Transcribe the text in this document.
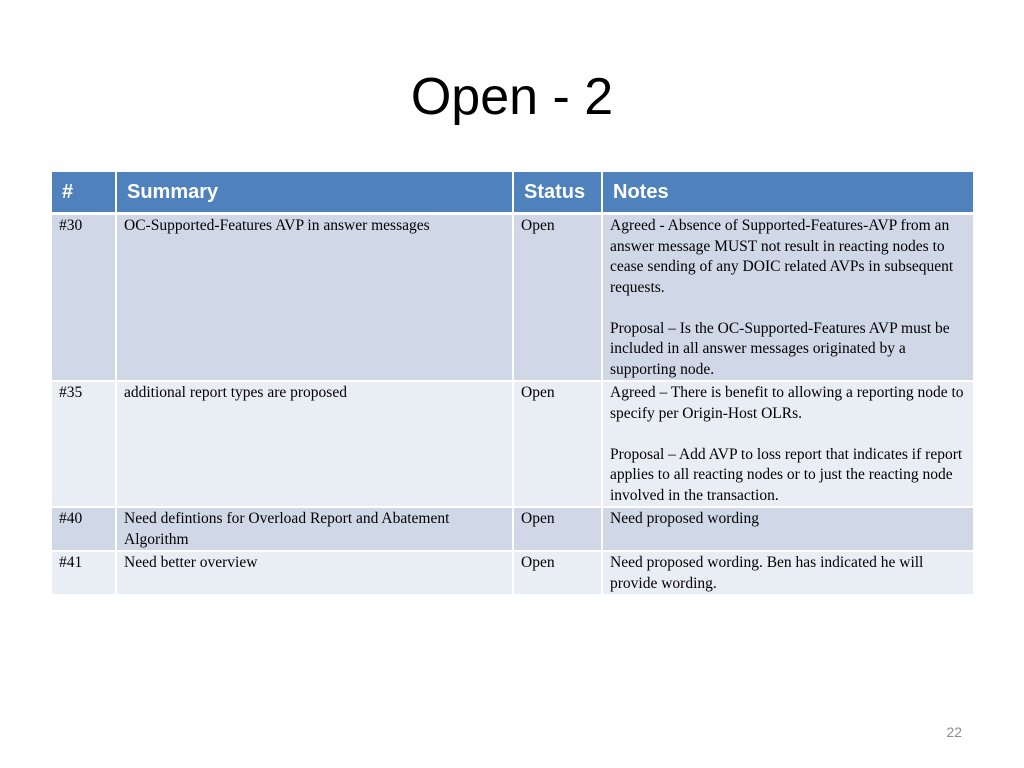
Open - 2
#	Summary	Status	Notes
#30	OC-Supported-Features AVP in answer messages	Open	Agreed - Absence of Supported-Features-AVP from an answer message MUST not result in reacting nodes to cease sending of any DOIC related AVPs in subsequent requests.
Proposal – Is the OC-Supported-Features AVP must be included in all answer messages originated by a supporting node.

#35	additional report types are proposed	Open	Agreed – There is benefit to allowing a reporting node to specify per Origin-Host OLRs.
Proposal – Add AVP to loss report that indicates if report applies to all reacting nodes or to just the reacting node involved in the transaction.

#40	Need defintions for Overload Report and Abatement Algorithm	Open	Need proposed wording

#41	Need better overview	Open	Need proposed wording. Ben has indicated he will provide wording.
22
